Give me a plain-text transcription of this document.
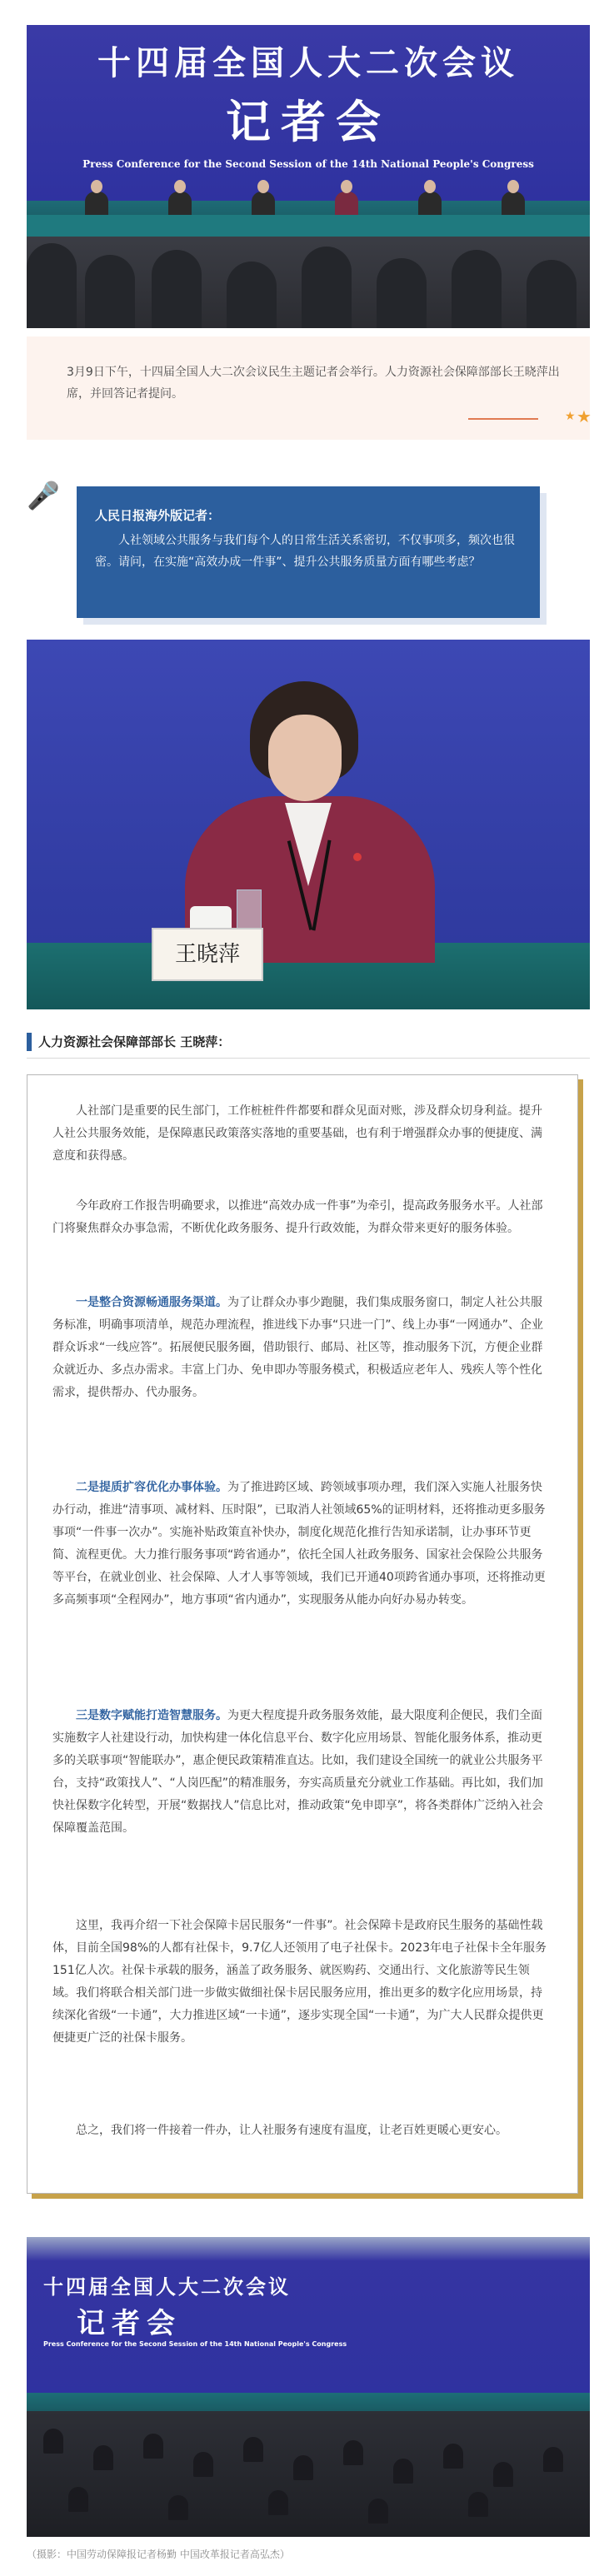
十四届全国人大二次会议
记者会
Press Conference for the Second Session of the 14th National People's Congress
3月9日下午，十四届全国人大二次会议民生主题记者会举行。人力资源社会保障部部长王晓萍出席，并回答记者提问。
★ ★
🎤
人民日报海外版记者：
人社领域公共服务与我们每个人的日常生活关系密切，不仅事项多，频次也很密。请问，在实施“高效办成一件事”、提升公共服务质量方面有哪些考虑？
王晓萍
人力资源社会保障部部长 王晓萍：

人社部门是重要的民生部门，工作桩桩件件都要和群众见面对账，涉及群众切身利益。提升人社公共服务效能，是保障惠民政策落实落地的重要基础，也有利于增强群众办事的便捷度、满意度和获得感。

今年政府工作报告明确要求，以推进“高效办成一件事”为牵引，提高政务服务水平。人社部门将聚焦群众办事急需，不断优化政务服务、提升行政效能，为群众带来更好的服务体验。

一是整合资源畅通服务渠道。为了让群众办事少跑腿，我们集成服务窗口，制定人社公共服务标准，明确事项清单，规范办理流程，推进线下办事“只进一门”、线上办事“一网通办”、企业群众诉求“一线应答”。拓展便民服务圈，借助银行、邮局、社区等，推动服务下沉，方便企业群众就近办、多点办需求。丰富上门办、免申即办等服务模式，积极适应老年人、残疾人等个性化需求，提供帮办、代办服务。

二是提质扩容优化办事体验。为了推进跨区域、跨领域事项办理，我们深入实施人社服务快办行动，推进“清事项、减材料、压时限”，已取消人社领域65%的证明材料，还将推动更多服务事项“一件事一次办”。实施补贴政策直补快办，制度化规范化推行告知承诺制，让办事环节更简、流程更优。大力推行服务事项“跨省通办”，依托全国人社政务服务、国家社会保险公共服务等平台，在就业创业、社会保障、人才人事等领域，我们已开通40项跨省通办事项，还将推动更多高频事项“全程网办”，地方事项“省内通办”，实现服务从能办向好办易办转变。

三是数字赋能打造智慧服务。为更大程度提升政务服务效能，最大限度利企便民，我们全面实施数字人社建设行动，加快构建一体化信息平台、数字化应用场景、智能化服务体系，推动更多的关联事项“智能联办”，惠企便民政策精准直达。比如，我们建设全国统一的就业公共服务平台，支持“政策找人”、“人岗匹配”的精准服务，夯实高质量充分就业工作基础。再比如，我们加快社保数字化转型，开展“数据找人”信息比对，推动政策“免申即享”，将各类群体广泛纳入社会保障覆盖范围。

这里，我再介绍一下社会保障卡居民服务“一件事”。社会保障卡是政府民生服务的基础性载体，目前全国98%的人都有社保卡，9.7亿人还领用了电子社保卡。2023年电子社保卡全年服务151亿人次。社保卡承载的服务，涵盖了政务服务、就医购药、交通出行、文化旅游等民生领域。我们将联合相关部门进一步做实做细社保卡居民服务应用，推出更多的数字化应用场景，持续深化省级“一卡通”，大力推进区域“一卡通”，逐步实现全国“一卡通”，为广大人民群众提供更便捷更广泛的社保卡服务。

总之，我们将一件接着一件办，让人社服务有速度有温度，让老百姓更暖心更安心。

十四届全国人大二次会议
记者会
Press Conference for the Second Session of the 14th National People's Congress
（摄影：中国劳动保障报记者杨勤 中国改革报记者高弘杰）
